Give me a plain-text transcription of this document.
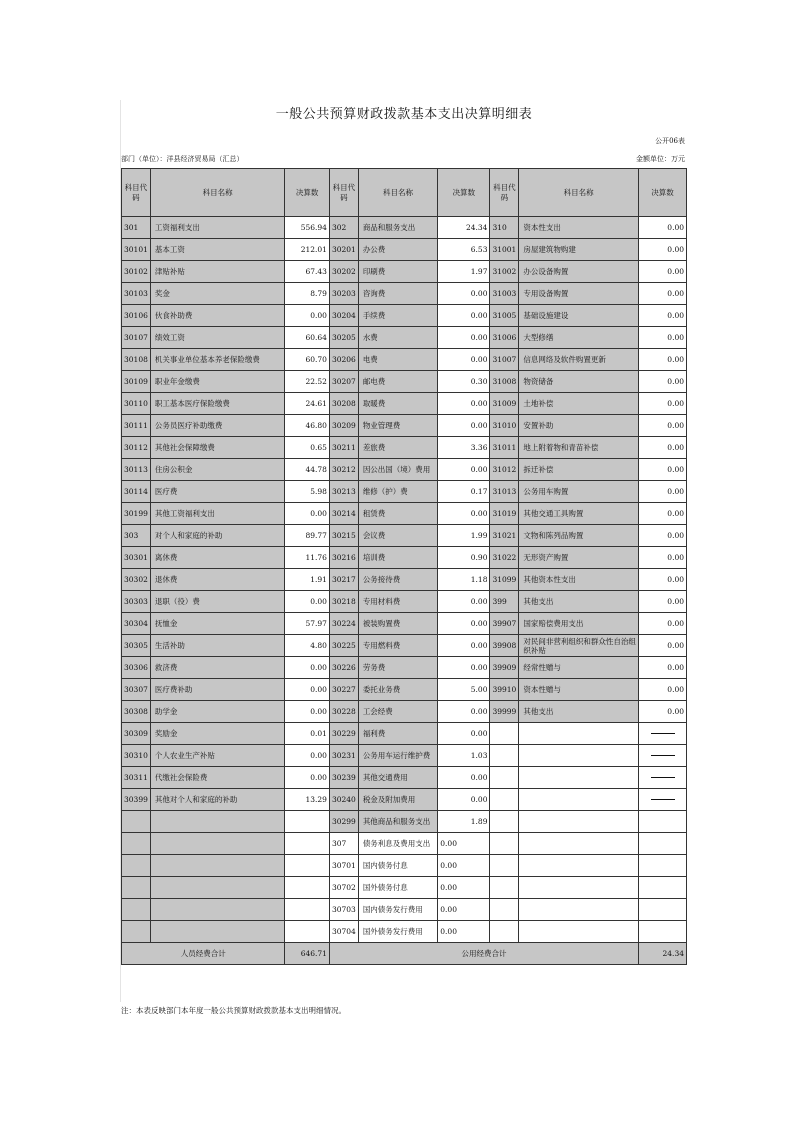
一般公共预算财政拨款基本支出决算明细表
公开06表
部门（单位）：洋县经济贸易局（汇总）	金额单位：万元
科目代码	科目名称	决算数	科目代码	科目名称	决算数	科目代码	科目名称	决算数
301	工资福利支出	556.94	302	商品和服务支出	24.34	310	资本性支出	0.00
30101	基本工资	212.01	30201	办公费	6.53	31001	房屋建筑物购建	0.00
30102	津贴补贴	67.43	30202	印刷费	1.97	31002	办公设备购置	0.00
30103	奖金	8.79	30203	咨询费	0.00	31003	专用设备购置	0.00
30106	伙食补助费	0.00	30204	手续费	0.00	31005	基础设施建设	0.00
30107	绩效工资	60.64	30205	水费	0.00	31006	大型修缮	0.00
30108	机关事业单位基本养老保险缴费	60.70	30206	电费	0.00	31007	信息网络及软件购置更新	0.00
30109	职业年金缴费	22.52	30207	邮电费	0.30	31008	物资储备	0.00
30110	职工基本医疗保险缴费	24.61	30208	取暖费	0.00	31009	土地补偿	0.00
30111	公务员医疗补助缴费	46.80	30209	物业管理费	0.00	31010	安置补助	0.00
30112	其他社会保障缴费	0.65	30211	差旅费	3.36	31011	地上附着物和青苗补偿	0.00
30113	住房公积金	44.78	30212	因公出国（境）费用	0.00	31012	拆迁补偿	0.00
30114	医疗费	5.98	30213	维修（护）费	0.17	31013	公务用车购置	0.00
30199	其他工资福利支出	0.00	30214	租赁费	0.00	31019	其他交通工具购置	0.00
303	对个人和家庭的补助	89.77	30215	会议费	1.99	31021	文物和陈列品购置	0.00
30301	离休费	11.76	30216	培训费	0.90	31022	无形资产购置	0.00
30302	退休费	1.91	30217	公务接待费	1.18	31099	其他资本性支出	0.00
30303	退职（役）费	0.00	30218	专用材料费	0.00	399	其他支出	0.00
30304	抚恤金	57.97	30224	被装购置费	0.00	39907	国家赔偿费用支出	0.00
30305	生活补助	4.80	30225	专用燃料费	0.00	39908	对民间非营利组织和群众性自治组织补贴	0.00
30306	救济费	0.00	30226	劳务费	0.00	39909	经常性赠与	0.00
30307	医疗费补助	0.00	30227	委托业务费	5.00	39910	资本性赠与	0.00
30308	助学金	0.00	30228	工会经费	0.00	39999	其他支出	0.00
30309	奖励金	0.01	30229	福利费	0.00			
30310	个人农业生产补贴	0.00	30231	公务用车运行维护费	1.03			
30311	代缴社会保险费	0.00	30239	其他交通费用	0.00			
30399	其他对个人和家庭的补助	13.29	30240	税金及附加费用	0.00			
			30299	其他商品和服务支出	1.89			
			307	债务利息及费用支出	0.00			
			30701	国内债务付息	0.00			
			30702	国外债务付息	0.00			
			30703	国内债务发行费用	0.00			
			30704	国外债务发行费用	0.00			
人员经费合计		646.71	公用经费合计					24.34
注：本表反映部门本年度一般公共预算财政拨款基本支出明细情况。
